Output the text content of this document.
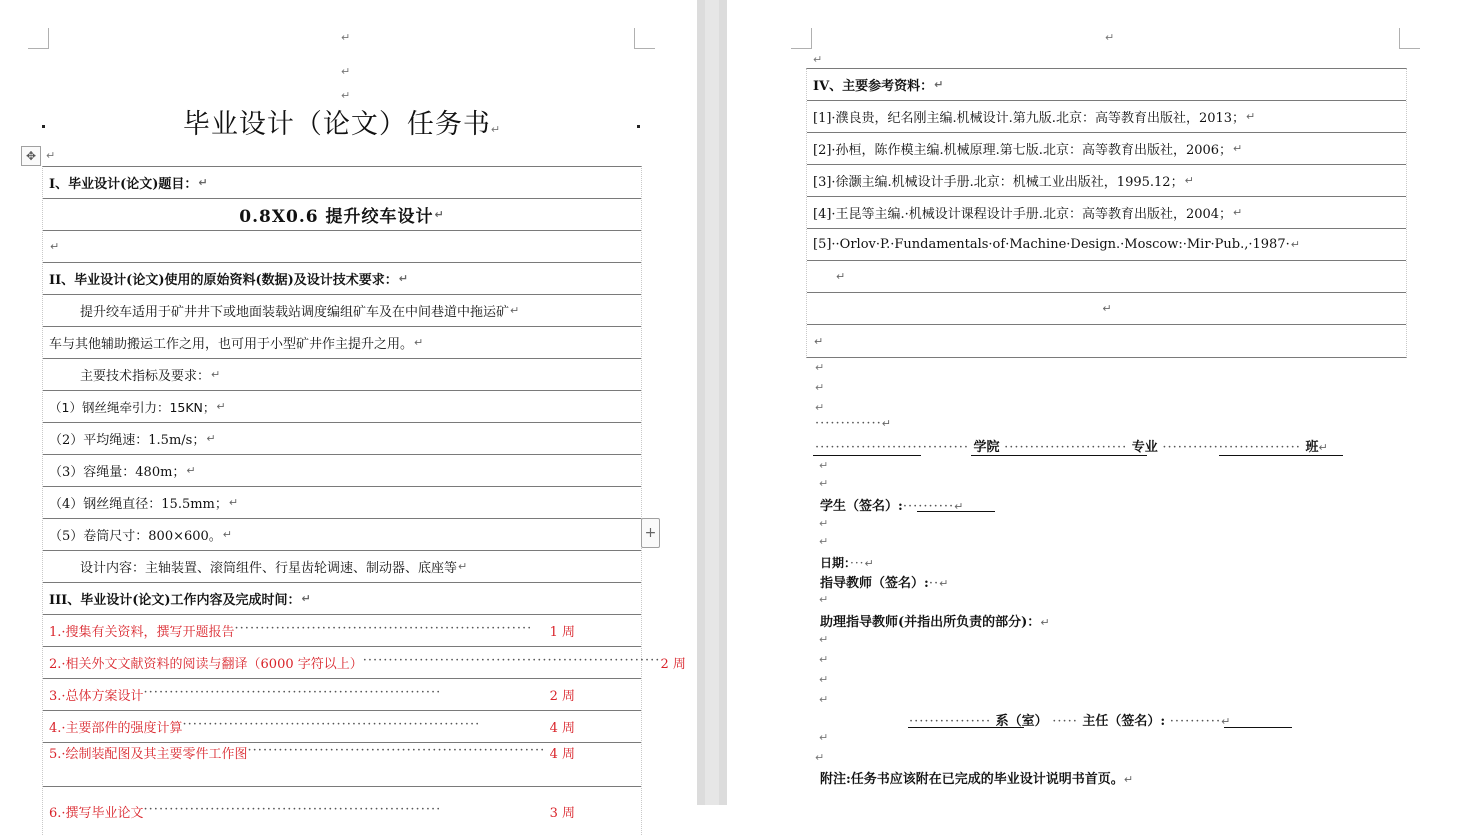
↵
↵
↵
毕业设计（论文）任务书↵
↵
✥
I、毕业设计(论文)题目： ↵
0.8X0.6 提升绞车设计 ↵
↵
II、毕业设计(论文)使用的原始资料(数据)及设计技术要求： ↵
提升绞车适用于矿井井下或地面装载站调度编组矿车及在中间巷道中拖运矿 ↵
车与其他辅助搬运工作之用，也可用于小型矿井作主提升之用。 ↵
主要技术指标及要求： ↵
（1）钢丝绳牵引力：15KN； ↵
（2）平均绳速：1.5m/s； ↵
（3）容绳量：480m； ↵
（4）钢丝绳直径：15.5mm； ↵
（5）卷筒尺寸：800×600。 ↵
设计内容：主轴装置、滚筒组件、行星齿轮调速、制动器、底座等 ↵
III、毕业设计(论文)工作内容及完成时间： ↵
1.·搜集有关资料，撰写开题报告 ··························································	1 周
2.·相关外文文献资料的阅读与翻译（6000 字符以上） ·························································· 2 周
3.·总体方案设计 ··························································	2 周
4.·主要部件的强度计算 ··························································	4 周
5.·绘制装配图及其主要零件工作图 ·························································· 4 周
6.·撰写毕业论文 ··························································	3 周
+
↵
↵
IV、主要参考资料： ↵
[1]·濮良贵，纪名刚主编.机械设计.第九版.北京：高等教育出版社，2013； ↵
[2]·孙桓，陈作模主编.机械原理.第七版.北京：高等教育出版社，2006； ↵
[3]·徐灏主编.机械设计手册.北京：机械工业出版社，1995.12； ↵
[4]·王昆等主编.·机械设计课程设计手册.北京：高等教育出版社，2004； ↵
[5]··Orlov·P.·Fundamentals·of·Machine·Design.·Moscow:·Mir·Pub.,·1987· ↵
↵
↵
↵
↵
↵
↵
·············↵
······························ 学院 ························ 专业 ··························· 班↵
↵
↵
学生（签名）:··········↵
↵
↵
日期：···↵
指导教师（签名）:··↵
↵
助理指导教师(并指出所负责的部分)：↵
↵
↵
↵
↵
················ 系（室） ····· 主任（签名）: ··········↵
↵
↵
附注:任务书应该附在已完成的毕业设计说明书首页。↵
